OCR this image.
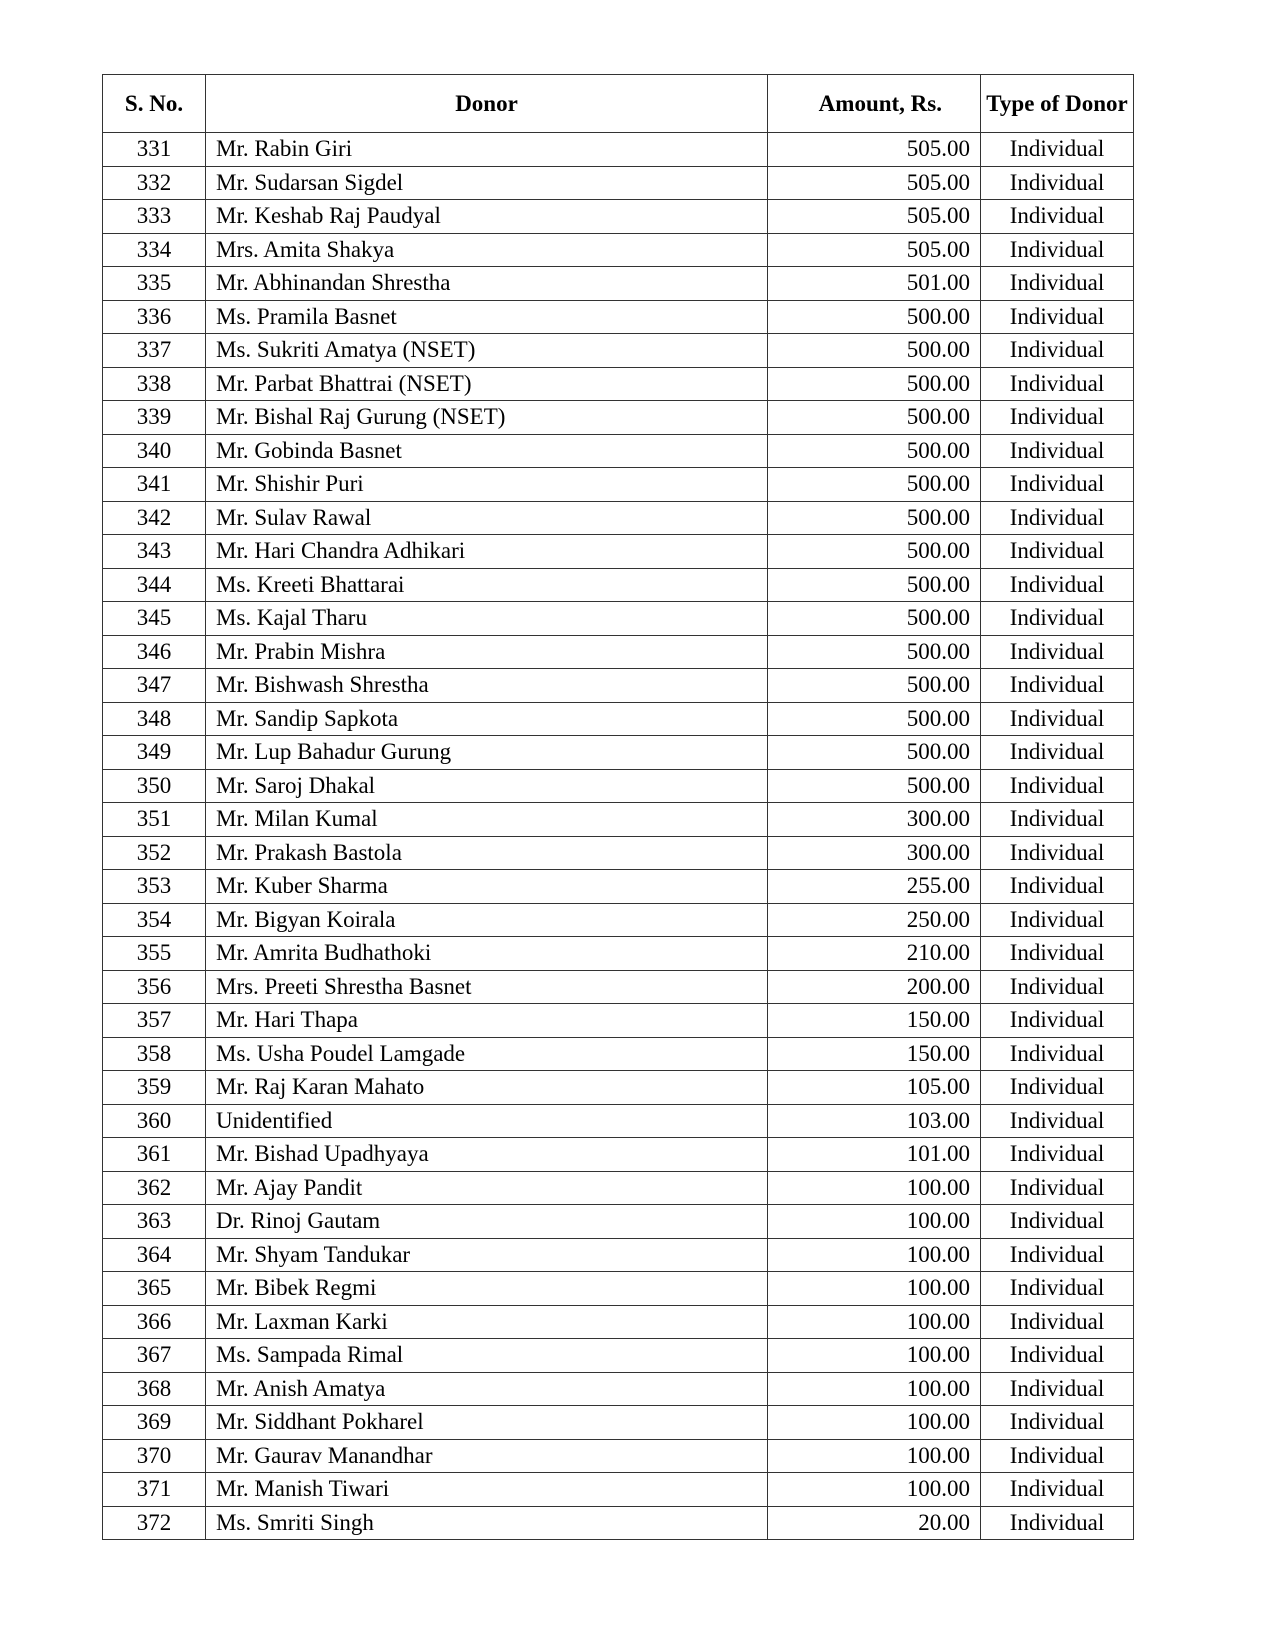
S. No.	Donor	Amount, Rs.	Type of Donor
331	Mr. Rabin Giri	505.00	Individual
332	Mr. Sudarsan Sigdel	505.00	Individual
333	Mr. Keshab Raj Paudyal	505.00	Individual
334	Mrs. Amita Shakya	505.00	Individual
335	Mr. Abhinandan Shrestha	501.00	Individual
336	Ms. Pramila Basnet	500.00	Individual
337	Ms. Sukriti Amatya (NSET)	500.00	Individual
338	Mr. Parbat Bhattrai (NSET)	500.00	Individual
339	Mr. Bishal Raj Gurung (NSET)	500.00	Individual
340	Mr. Gobinda Basnet	500.00	Individual
341	Mr. Shishir Puri	500.00	Individual
342	Mr. Sulav Rawal	500.00	Individual
343	Mr. Hari Chandra Adhikari	500.00	Individual
344	Ms. Kreeti Bhattarai	500.00	Individual
345	Ms. Kajal Tharu	500.00	Individual
346	Mr. Prabin Mishra	500.00	Individual
347	Mr. Bishwash Shrestha	500.00	Individual
348	Mr. Sandip Sapkota	500.00	Individual
349	Mr. Lup Bahadur Gurung	500.00	Individual
350	Mr. Saroj Dhakal	500.00	Individual
351	Mr. Milan Kumal	300.00	Individual
352	Mr. Prakash Bastola	300.00	Individual
353	Mr. Kuber Sharma	255.00	Individual
354	Mr. Bigyan Koirala	250.00	Individual
355	Mr. Amrita Budhathoki	210.00	Individual
356	Mrs. Preeti Shrestha Basnet	200.00	Individual
357	Mr. Hari Thapa	150.00	Individual
358	Ms. Usha Poudel Lamgade	150.00	Individual
359	Mr. Raj Karan Mahato	105.00	Individual
360	Unidentified	103.00	Individual
361	Mr. Bishad Upadhyaya	101.00	Individual
362	Mr. Ajay Pandit	100.00	Individual
363	Dr. Rinoj Gautam	100.00	Individual
364	Mr. Shyam Tandukar	100.00	Individual
365	Mr. Bibek Regmi	100.00	Individual
366	Mr. Laxman Karki	100.00	Individual
367	Ms. Sampada Rimal	100.00	Individual
368	Mr. Anish Amatya	100.00	Individual
369	Mr. Siddhant Pokharel	100.00	Individual
370	Mr. Gaurav Manandhar	100.00	Individual
371	Mr. Manish Tiwari	100.00	Individual
372	Ms. Smriti Singh	20.00	Individual
